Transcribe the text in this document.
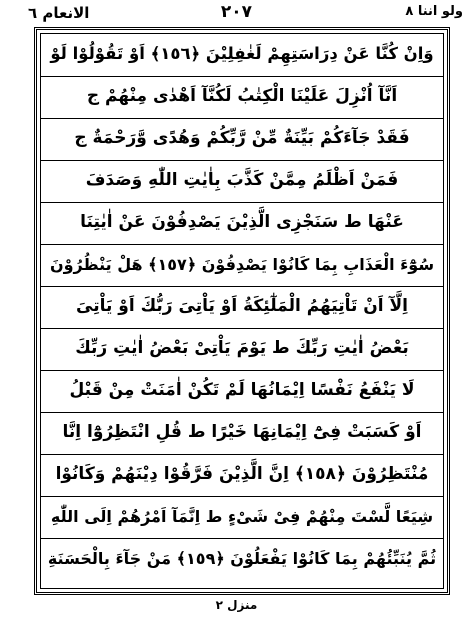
الانعام ٦	٢٠٧	ولو اننا ٨
وَاِنْ كُنَّا عَنْ دِرَاسَتِهِمْ لَغٰفِلِيْنَ ﴿١٥٦﴾ اَوْ تَقُوْلُوْا لَوْ
اَنَّآ اُنْزِلَ عَلَيْنَا الْكِتٰبُ لَكُنَّآ اَهْدٰى مِنْهُمْ ج
فَقَدْ جَآءَكُمْ بَيِّنَةٌ مِّنْ رَّبِّكُمْ وَهُدًى وَّرَحْمَةٌ ج
فَمَنْ اَظْلَمُ مِمَّنْ كَذَّبَ بِاٰيٰتِ اللّٰهِ وَصَدَفَ
عَنْهَا ط سَنَجْزِى الَّذِيْنَ يَصْدِفُوْنَ عَنْ اٰيٰتِنَا
سُوْٓءَ الْعَذَابِ بِمَا كَانُوْا يَصْدِفُوْنَ ﴿١٥٧﴾ هَلْ يَنْظُرُوْنَ
اِلَّآ اَنْ تَاْتِيَهُمُ الْمَلٰٓئِكَةُ اَوْ يَاْتِىَ رَبُّكَ اَوْ يَاْتِىَ
بَعْضُ اٰيٰتِ رَبِّكَ ط يَوْمَ يَاْتِىْ بَعْضُ اٰيٰتِ رَبِّكَ
لَا يَنْفَعُ نَفْسًا اِيْمَانُهَا لَمْ تَكُنْ اٰمَنَتْ مِنْ قَبْلُ
اَوْ كَسَبَتْ فِىْٓ اِيْمَانِهَا خَيْرًا ط قُلِ انْتَظِرُوْٓا اِنَّا
مُنْتَظِرُوْنَ ﴿١٥٨﴾ اِنَّ الَّذِيْنَ فَرَّقُوْا دِيْنَهُمْ وَكَانُوْا
شِيَعًا لَّسْتَ مِنْهُمْ فِىْ شَىْءٍ ط اِنَّمَآ اَمْرُهُمْ اِلَى اللّٰهِ
ثُمَّ يُنَبِّئُهُمْ بِمَا كَانُوْا يَفْعَلُوْنَ ﴿١٥٩﴾ مَنْ جَآءَ بِالْحَسَنَةِ
منزل ٢
